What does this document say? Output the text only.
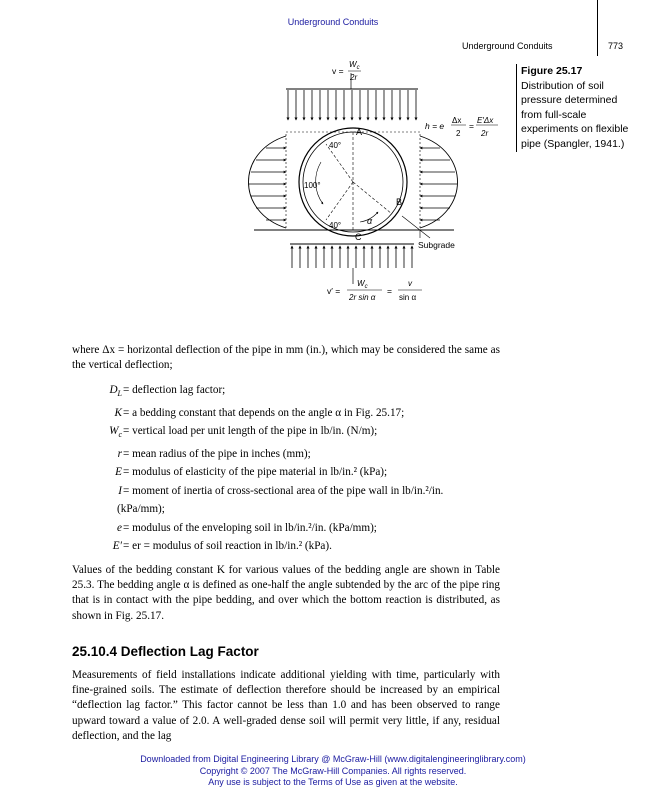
Underground Conduits
Underground Conduits	773
v =
$W_c$
2r
h = e
Δx
2
=
E′Δx
2r
A
B
C
40°
100°
40°	α
Subgrade
v′ =
$W_c$
2r sin α
=
v
sin α
Figure 25.17
Distribution of soil pressure determined from full-scale experiments on flexible pipe (Spangler, 1941.)
where Δx = horizontal deflection of the pipe in mm (in.), which may be considered the same as the vertical deflection;
$D_L$ = deflection lag factor;
K = a bedding constant that depends on the angle α in Fig. 25.17;
$W_c$ = vertical load per unit length of the pipe in lb/in. (N/m);
r = mean radius of the pipe in inches (mm);
E = modulus of elasticity of the pipe material in lb/in.² (kPa);
I = moment of inertia of cross-sectional area of the pipe wall in lb/in.²/in.
(kPa/mm);
e = modulus of the enveloping soil in lb/in.²/in. (kPa/mm);
E′ = er = modulus of soil reaction in lb/in.² (kPa).
Values of the bedding constant K for various values of the bedding angle are shown in Table 25.3. The bedding angle α is defined as one-half the angle subtended by the arc of the pipe ring that is in contact with the pipe bedding, and over which the bottom reaction is distributed, as shown in Fig. 25.17.
25.10.4 Deflection Lag Factor
Measurements of field installations indicate additional yielding with time, particularly with fine-grained soils. The estimate of deflection therefore should be increased by an empirical “deflection lag factor.” This factor cannot be less than 1.0 and has been observed to range upward toward a value of 2.0. A well-graded dense soil will permit very little, if any, residual deflection, and the lag
Downloaded from Digital Engineering Library @ McGraw-Hill (www.digitalengineeringlibrary.com)
Copyright © 2007 The McGraw-Hill Companies. All rights reserved.
Any use is subject to the Terms of Use as given at the website.
